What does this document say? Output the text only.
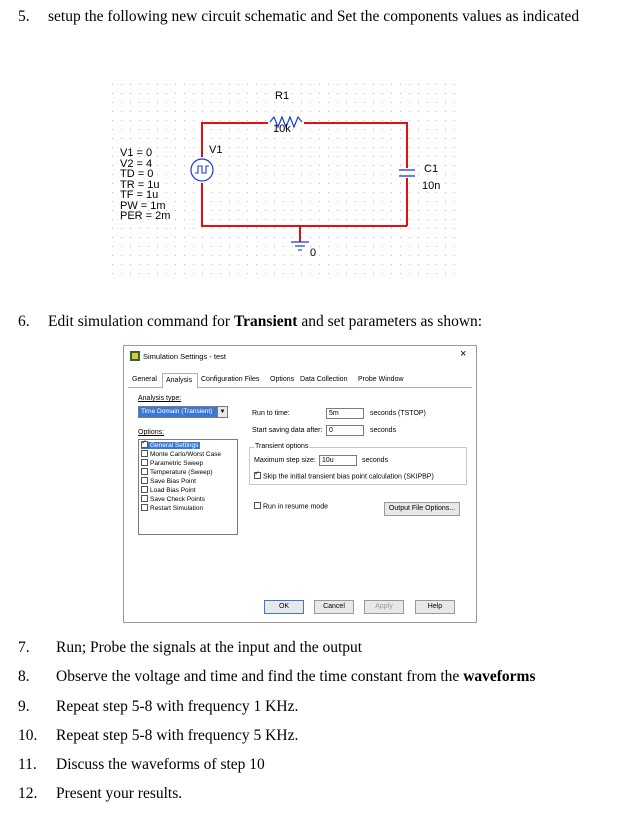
5. setup the following new circuit schematic and Set the components values as indicated
R1
10k
C1
10n
V1
V1 = 0
V2 = 4
TD = 0
TR = 1u
TF = 1u
PW = 1m
PER = 2m
0
6. Edit simulation command for Transient and set parameters as shown:
Simulation Settings - test	×
General Analysis Configuration Files Options Data Collection Probe Window
Analysis type:
Time Domain (Transient)	▼
Options:
✓General Settings
Monte Carlo/Worst Case
Parametric Sweep
Temperature (Sweep)
Save Bias Point
Load Bias Point
Save Check Points
Restart Simulation
Run to time:	5m	seconds (TSTOP)
Start saving data after: 0	seconds
Transient options
Maximum step size: 10u	seconds
✓Skip the initial transient bias point calculation (SKIPBP)
Run in resume mode	Output File Options...
OK	Cancel	Apply	Help
7. Run; Probe the signals at the input and the output
8. Observe the voltage and time and find the time constant from the waveforms
9. Repeat step 5-8 with frequency 1 KHz.
10. Repeat step 5-8 with frequency 5 KHz.
11. Discuss the waveforms of step 10
12. Present your results.
